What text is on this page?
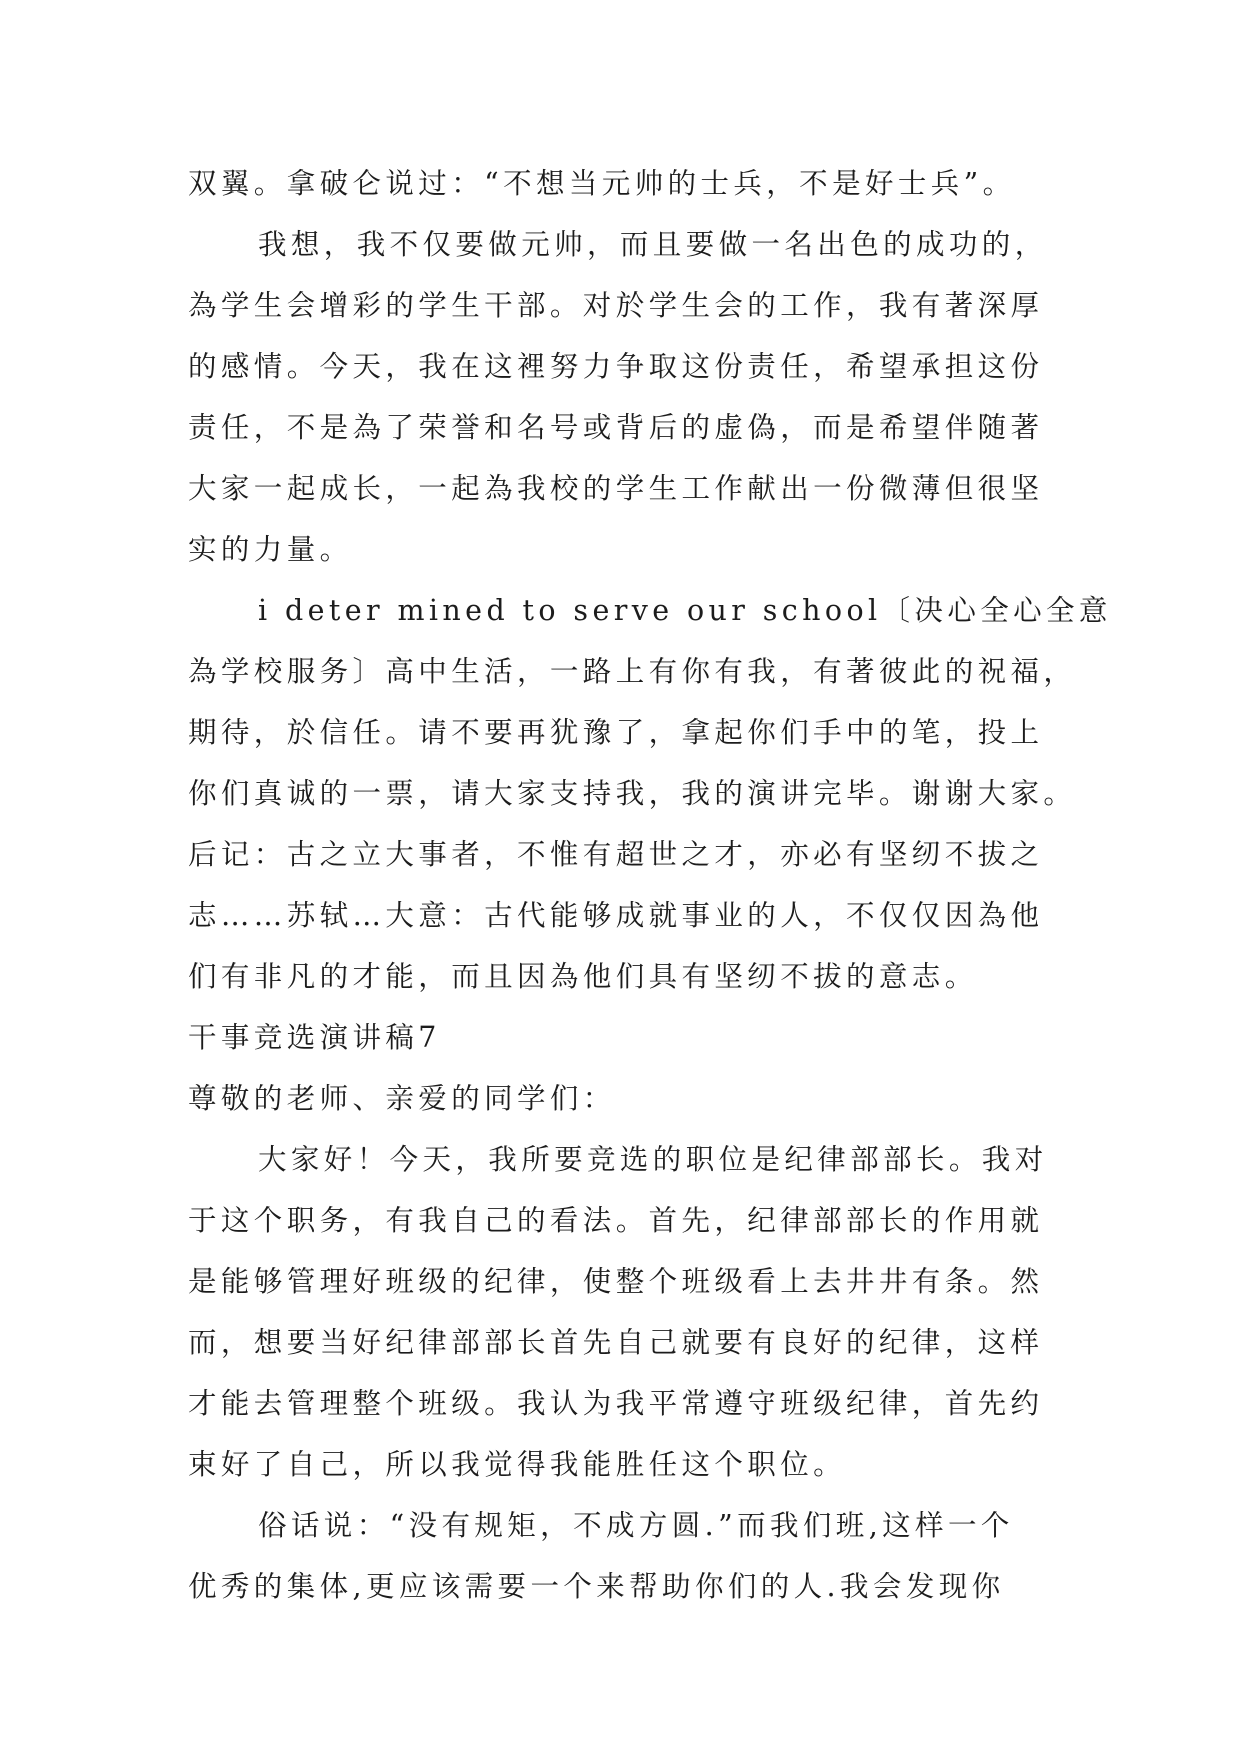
双翼。拿破仑说过：“不想当元帅的士兵，不是好士兵”。
我想，我不仅要做元帅，而且要做一名出色的成功的，
為学生会增彩的学生干部。对於学生会的工作，我有著深厚
的感情。今天，我在这裡努力争取这份责任，希望承担这份
责任，不是為了荣誉和名号或背后的虚偽，而是希望伴随著
大家一起成长，一起為我校的学生工作献出一份微薄但很坚
实的力量。
i deter mined to serve our school〔决心全心全意
為学校服务〕高中生活，一路上有你有我，有著彼此的祝福，
期待，於信任。请不要再犹豫了，拿起你们手中的笔，投上
你们真诚的一票，请大家支持我，我的演讲完毕。谢谢大家。
后记：古之立大事者，不惟有超世之才，亦必有坚纫不拔之
志……苏轼…大意：古代能够成就事业的人，不仅仅因為他
们有非凡的才能，而且因為他们具有坚纫不拔的意志。
干事竞选演讲稿7
尊敬的老师、亲爱的同学们：
大家好！今天，我所要竞选的职位是纪律部部长。我对
于这个职务，有我自己的看法。首先，纪律部部长的作用就
是能够管理好班级的纪律，使整个班级看上去井井有条。然
而，想要当好纪律部部长首先自己就要有良好的纪律，这样
才能去管理整个班级。我认为我平常遵守班级纪律，首先约
束好了自己，所以我觉得我能胜任这个职位。
俗话说：“没有规矩，不成方圆.”而我们班,这样一个
优秀的集体,更应该需要一个来帮助你们的人.我会发现你
